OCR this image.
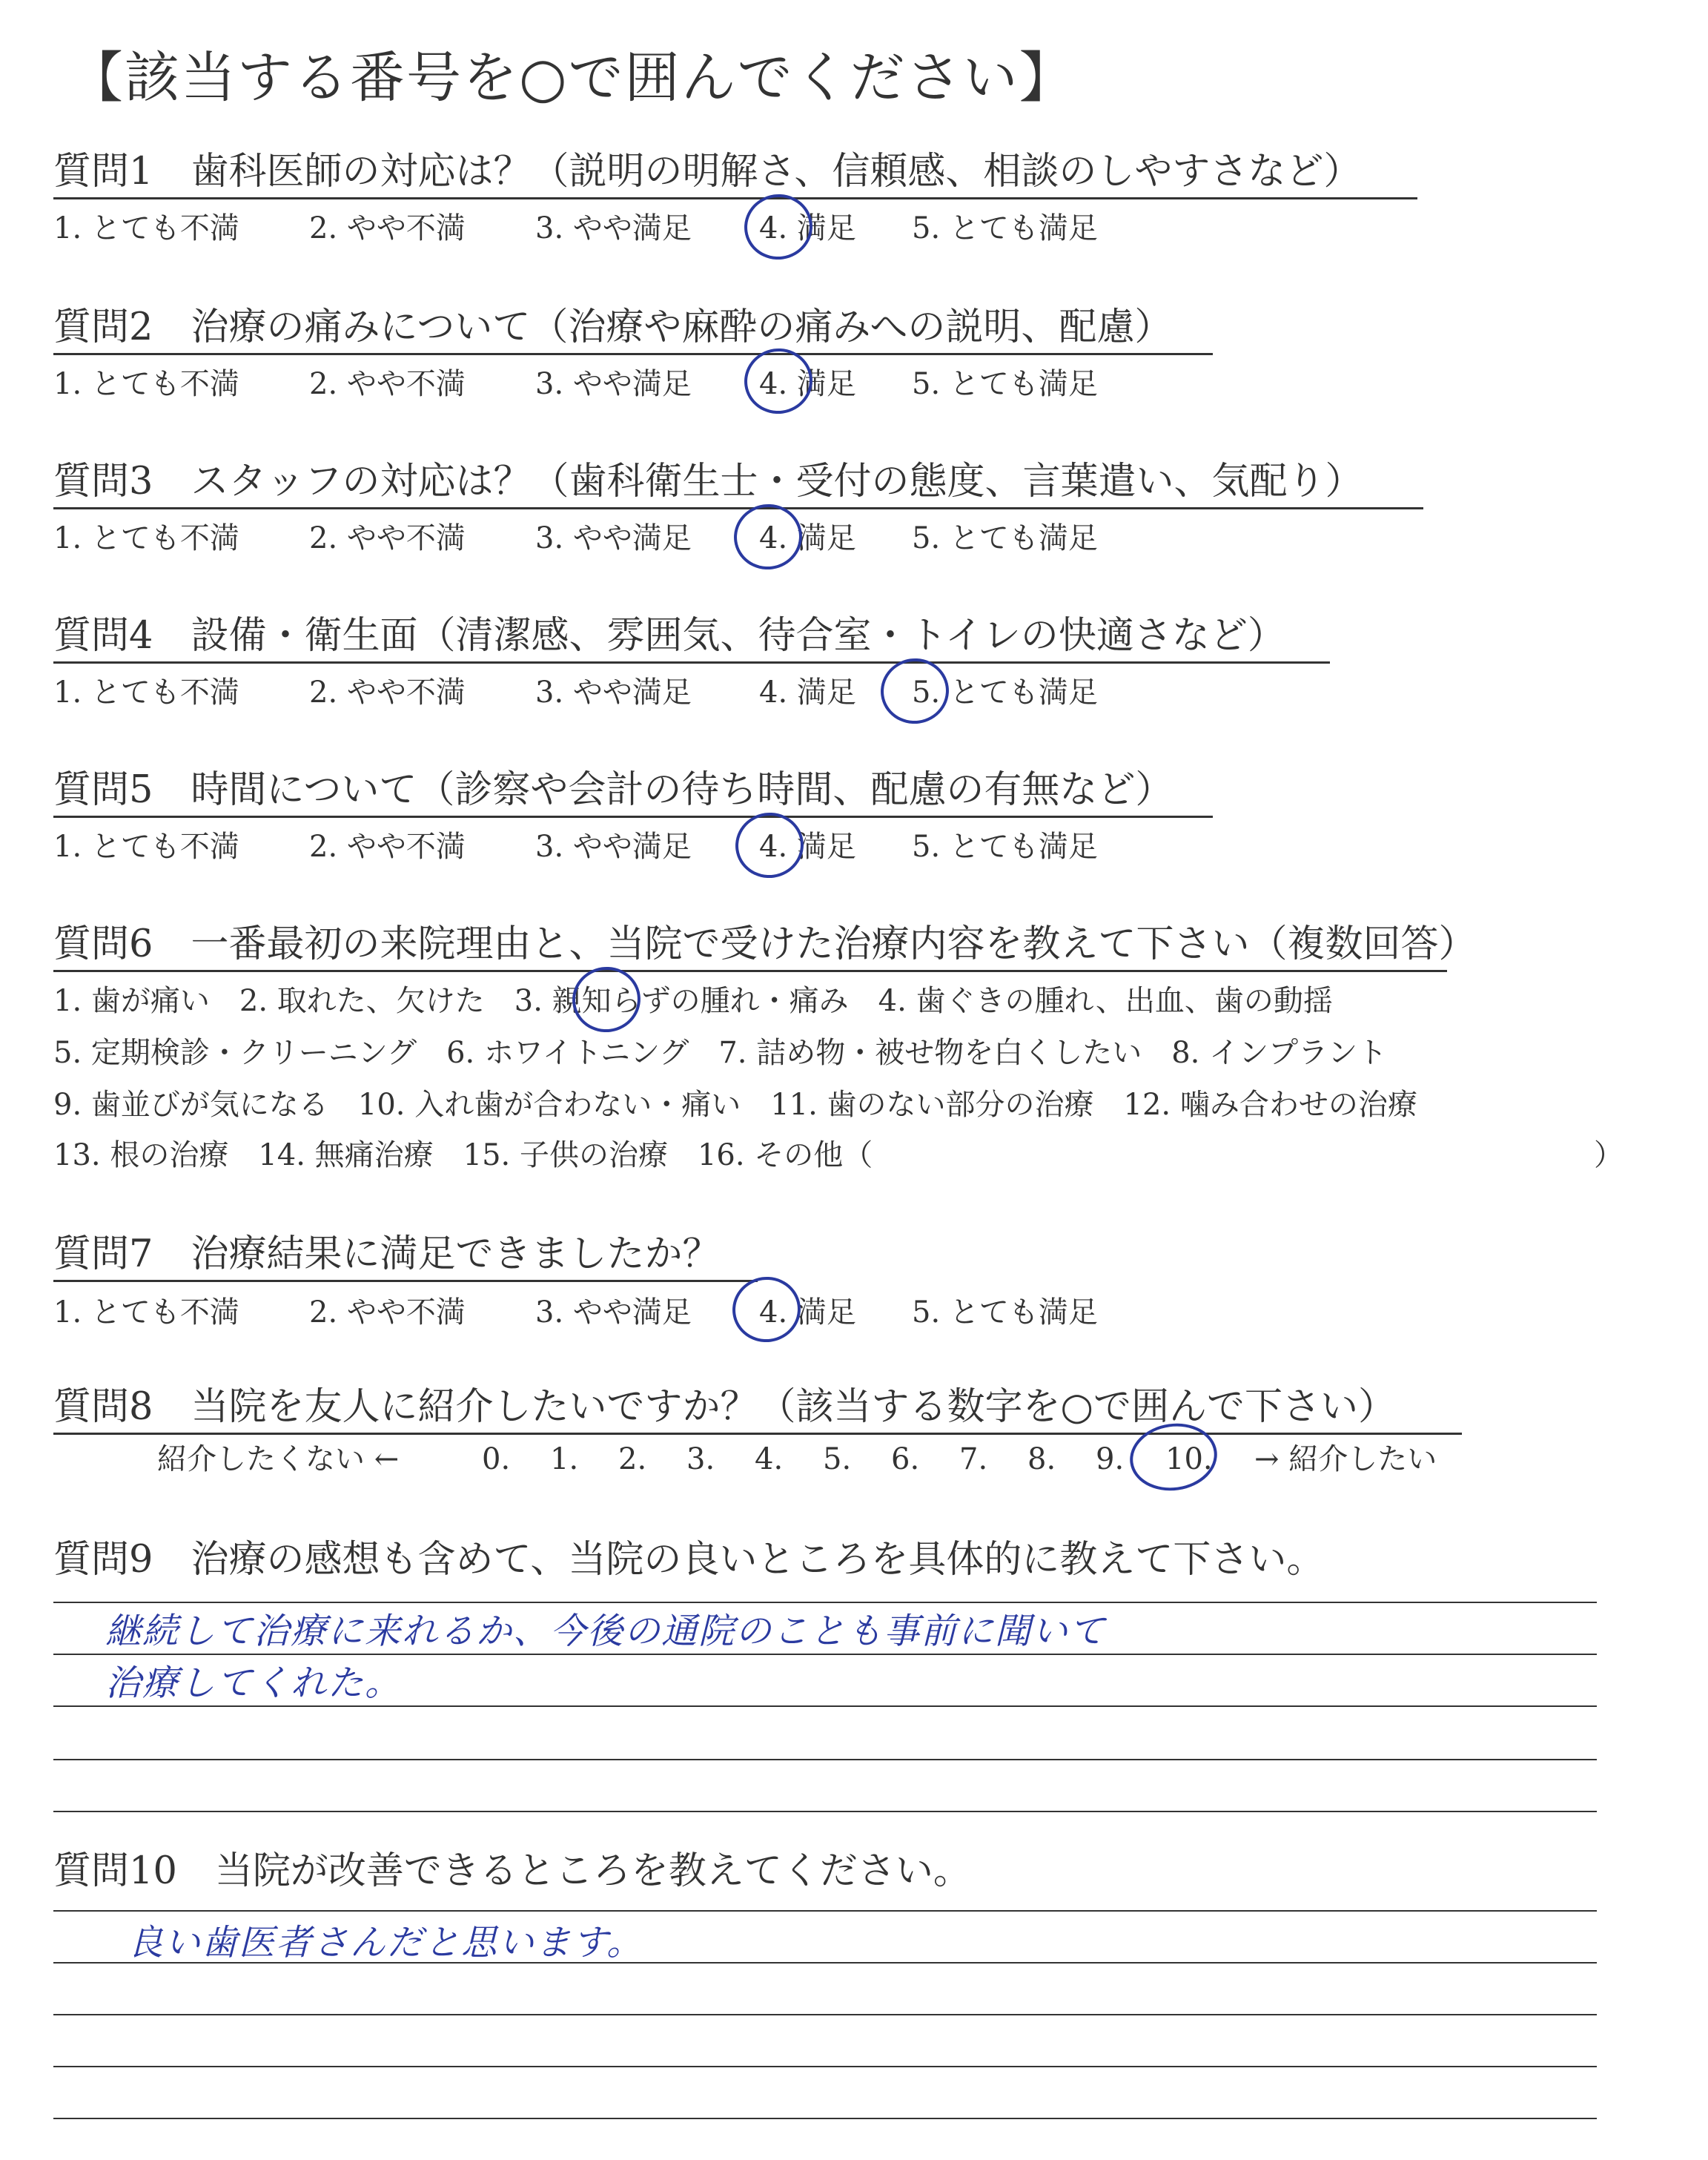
【該当する番号を○で囲んでください】
質問1　歯科医師の対応は？（説明の明解さ、信頼感、相談のしやすさなど）
1. とても不満 2. やや不満 3. やや満足 4. 満足 5. とても満足
質問2　治療の痛みについて（治療や麻酔の痛みへの説明、配慮）
1. とても不満 2. やや不満 3. やや満足 4. 満足 5. とても満足
質問3　スタッフの対応は？（歯科衛生士・受付の態度、言葉遣い、気配り）
1. とても不満 2. やや不満 3. やや満足 4. 満足 5. とても満足
質問4　設備・衛生面（清潔感、雰囲気、待合室・トイレの快適さなど）
1. とても不満 2. やや不満 3. やや満足 4. 満足 5. とても満足
質問5　時間について（診察や会計の待ち時間、配慮の有無など）
1. とても不満 2. やや不満 3. やや満足 4. 満足 5. とても満足
質問6　一番最初の来院理由と、当院で受けた治療内容を教えて下さい（複数回答）
1. 歯が痛い　2. 取れた、欠けた　3. 親知らずの腫れ・痛み　4. 歯ぐきの腫れ、出血、歯の動揺
5. 定期検診・クリーニング　6. ホワイトニング　7. 詰め物・被せ物を白くしたい　8. インプラント
9. 歯並びが気になる　10. 入れ歯が合わない・痛い　11. 歯のない部分の治療　12. 噛み合わせの治療
13. 根の治療　14. 無痛治療　15. 子供の治療　16. その他（	）
質問7　治療結果に満足できましたか？
1. とても不満 2. やや不満 3. やや満足 4. 満足 5. とても満足
質問8　当院を友人に紹介したいですか？（該当する数字を○で囲んで下さい）
紹介したくない ←	0. 1. 2. 3. 4. 5. 6. 7. 8. 9. 10. → 紹介したい
質問9　治療の感想も含めて、当院の良いところを具体的に教えて下さい。
継続して治療に来れるか、今後の通院のことも事前に聞いて
治療してくれた。
質問10　当院が改善できるところを教えてください。
良い歯医者さんだと思います。
